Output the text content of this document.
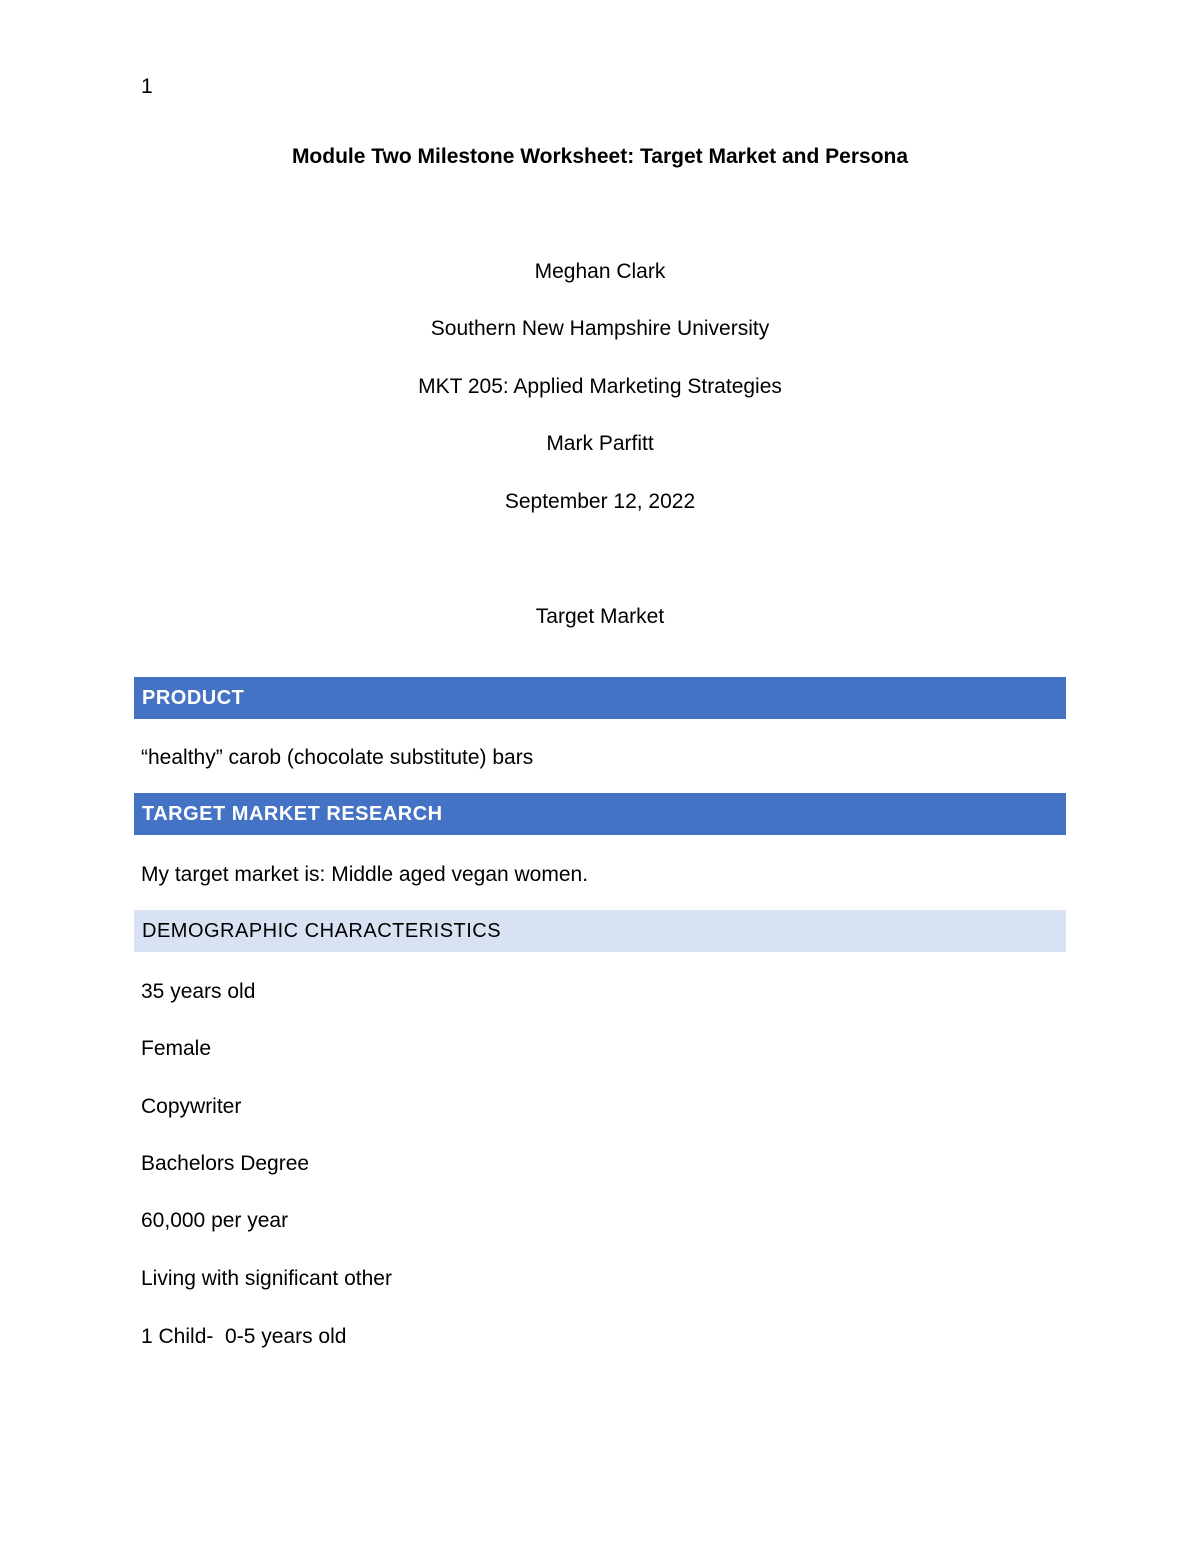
1
Module Two Milestone Worksheet: Target Market and Persona
Meghan Clark
Southern New Hampshire University
MKT 205: Applied Marketing Strategies
Mark Parfitt
September 12, 2022
Target Market
PRODUCT
“healthy” carob (chocolate substitute) bars
TARGET MARKET RESEARCH
My target market is: Middle aged vegan women.
DEMOGRAPHIC CHARACTERISTICS
35 years old
Female
Copywriter
Bachelors Degree
60,000 per year
Living with significant other
1 Child-  0-5 years old
